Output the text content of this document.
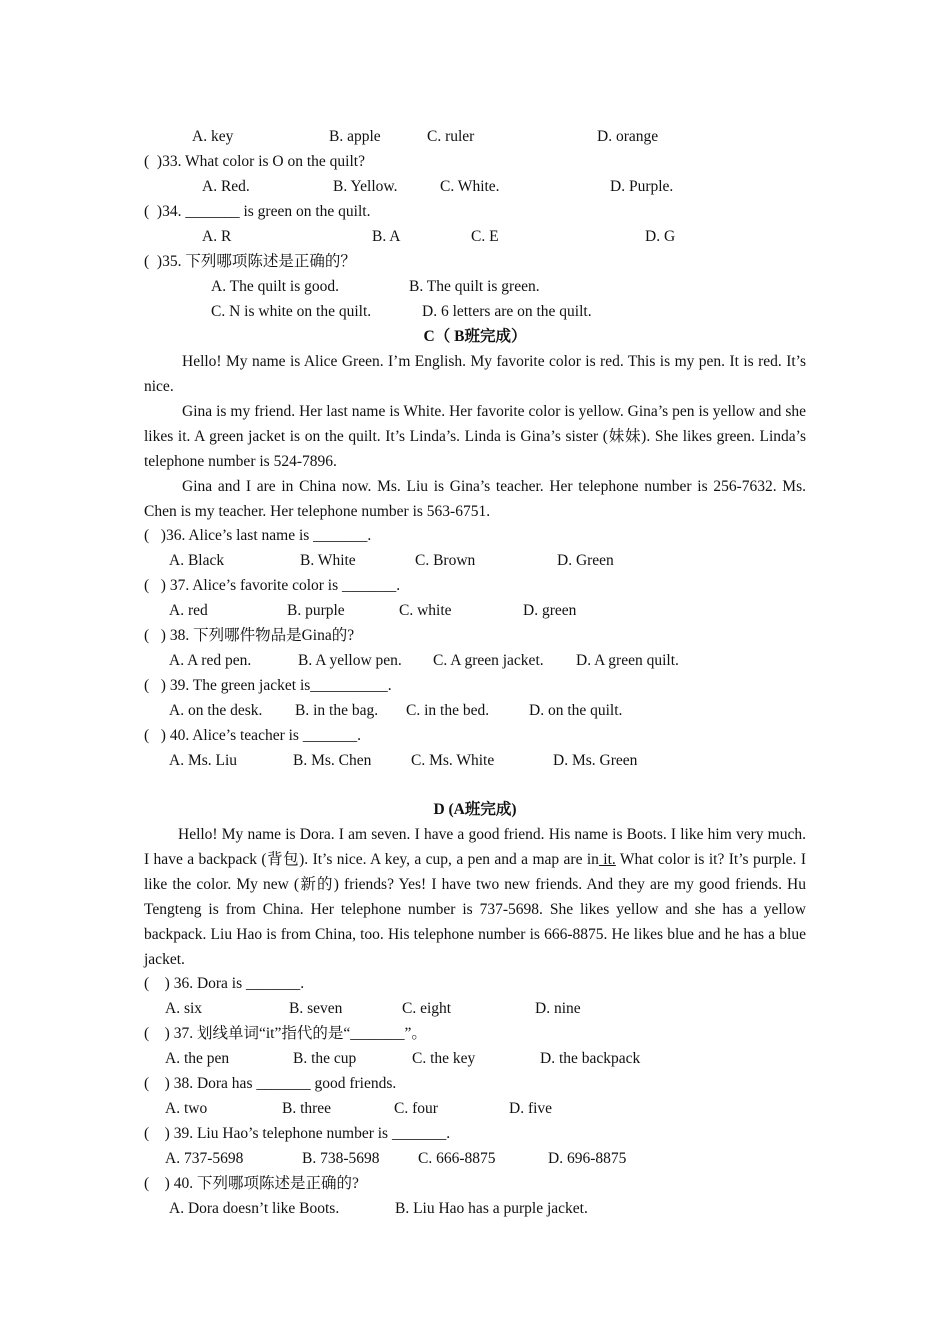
A. key	B. apple	C. ruler	D. orange
(  )33. What color is O on the quilt?
A. Red.	B. Yellow.	C. White.	D. Purple.
(  )34. _______ is green on the quilt.
A. R	B. A	C. E	D. G
(  )35. 下列哪项陈述是正确的？
A. The quilt is good.	B. The quilt is green.
C. N is white on the quilt.	D. 6 letters are on the quilt.
C（ B班完成）
Hello! My name is Alice Green. I’m English. My favorite color is red. This is my pen. It is red. It’s nice.
Gina is my friend. Her last name is White. Her favorite color is yellow. Gina’s pen is yellow and she likes it. A green jacket is on the quilt. It’s Linda’s. Linda is Gina’s sister (妹妹). She likes green. Linda’s telephone number is 524-7896.
Gina and I are in China now. Ms. Liu is Gina’s teacher. Her telephone number is 256-7632. Ms. Chen is my teacher. Her telephone number is 563-6751.
(   )36. Alice’s last name is _______.
A. Black	B. White	C. Brown	D. Green
(   ) 37. Alice’s favorite color is _______.
A. red	B. purple	C. white	D. green
(   ) 38. 下列哪件物品是Gina的?
A. A red pen.	B. A yellow pen. C. A green jacket. D. A green quilt.
(   ) 39. The green jacket is__________.
A. on the desk. B. in the bag. C. in the bed.	D. on the quilt.
(   ) 40. Alice’s teacher is _______.
A. Ms. Liu	B. Ms. Chen	C. Ms. White	D. Ms. Green
D (A班完成)
Hello! My name is Dora. I am seven. I have a good friend. His name is Boots. I like him very much. I have a backpack (背包). It’s nice. A key, a cup, a pen and a map are in it. What color is it? It’s purple. I like the color. My new (新的) friends? Yes! I have two new friends. And they are my good friends. Hu Tengteng is from China. Her telephone number is 737-5698. She likes yellow and she has a yellow backpack. Liu Hao is from China, too. His telephone number is 666-8875. He likes blue and he has a blue jacket.
(    ) 36. Dora is _______.
A. six	B. seven	C. eight	D. nine
(    ) 37. 划线单词“it”指代的是“_______”。
A. the pen	B. the cup	C. the key	D. the backpack
(    ) 38. Dora has _______ good friends.
A. two	B. three	C. four	D. five
(    ) 39. Liu Hao’s telephone number is _______.
A. 737-5698	B. 738-5698 C. 666-8875	D. 696-8875
(    ) 40. 下列哪项陈述是正确的?
A. Dora doesn’t like Boots.	B. Liu Hao has a purple jacket.
